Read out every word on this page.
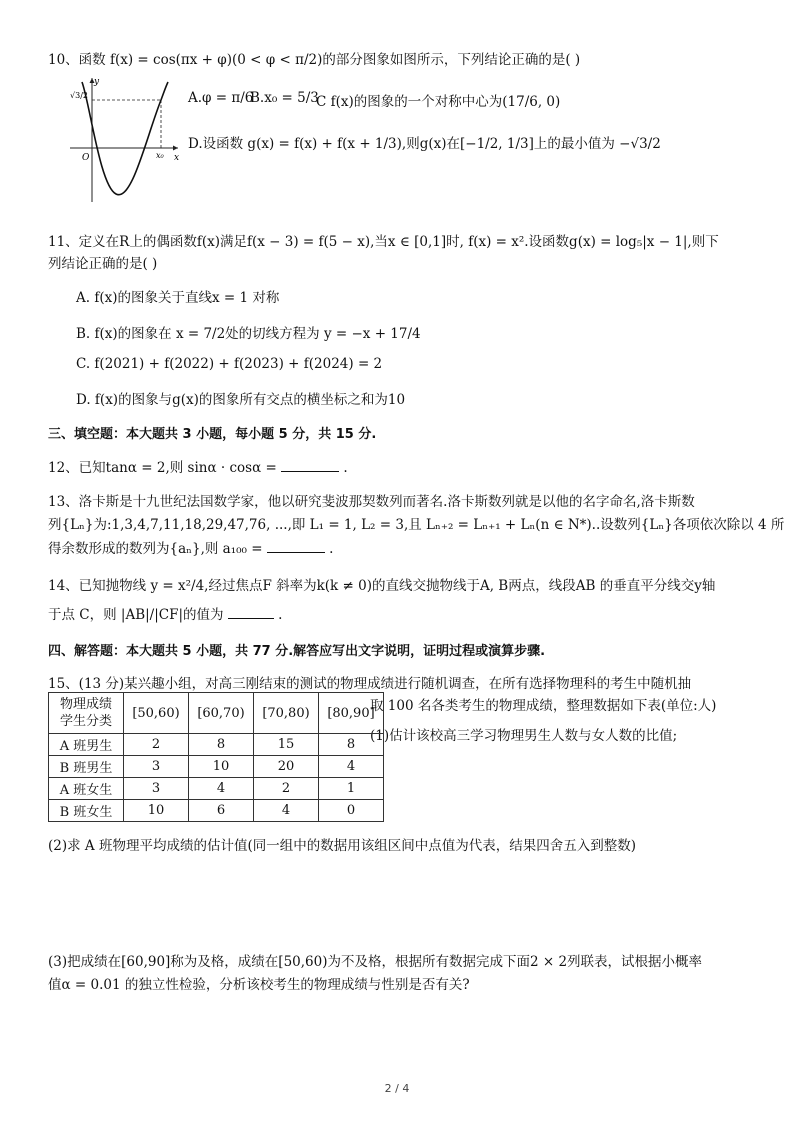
10、函数 f(x) = cos(πx + φ)(0 < φ < π/2)的部分图象如图所示，下列结论正确的是( )
y
x
O
√3/2
x₀
A.φ = π/6
B.x₀ = 5/3
C f(x)的图象的一个对称中心为(17/6, 0)
D.设函数 g(x) = f(x) + f(x + 1/3),则g(x)在[−1/2, 1/3]上的最小值为 −√3/2
11、定义在R上的偶函数f(x)满足f(x − 3) = f(5 − x),当x ∈ [0,1]时, f(x) = x².设函数g(x) = log₅|x − 1|,则下
列结论正确的是( )
A. f(x)的图象关于直线x = 1 对称
B. f(x)的图象在 x = 7/2处的切线方程为 y = −x + 17/4
C. f(2021) + f(2022) + f(2023) + f(2024) = 2
D. f(x)的图象与g(x)的图象所有交点的横坐标之和为10
三、填空题：本大题共 3 小题，每小题 5 分，共 15 分.
12、已知tanα = 2,则 sinα · cosα =	.
13、洛卡斯是十九世纪法国数学家，他以研究斐波那契数列而著名.洛卡斯数列就是以他的名字命名,洛卡斯数
列{Lₙ}为:1,3,4,7,11,18,29,47,76, ...,即 L₁ = 1, L₂ = 3,且 Lₙ₊₂ = Lₙ₊₁ + Lₙ(n ∈ N*)..设数列{Lₙ}各项依次除以 4 所
得余数形成的数列为{aₙ},则 a₁₀₀ =	.
14、已知抛物线 y = x²/4,经过焦点F 斜率为k(k ≠ 0)的直线交抛物线于A, B两点，线段AB 的垂直平分线交y轴
于点 C，则 |AB|/|CF|的值为	.
四、解答题：本大题共 5 小题，共 77 分.解答应写出文字说明，证明过程或演算步骤.
15、(13 分)某兴趣小组，对高三刚结束的测试的物理成绩进行随机调查，在所有选择物理科的考生中随机抽
取 100 名各类考生的物理成绩，整理数据如下表(单位:人)
(1)估计该校高三学习物理男生人数与女人数的比值;
物理成绩
学生分类	[50,60)	[60,70)	[70,80)	[80,90]
A 班男生	2	8	15	8
B 班男生	3	10	20	4
A 班女生	3	4	2	1
B 班女生	10	6	4	0
(2)求 A 班物理平均成绩的估计值(同一组中的数据用该组区间中点值为代表，结果四舍五入到整数)
(3)把成绩在[60,90]称为及格，成绩在[50,60)为不及格，根据所有数据完成下面2 × 2列联表，试根据小概率
值α = 0.01 的独立性检验，分析该校考生的物理成绩与性别是否有关?
2 / 4
